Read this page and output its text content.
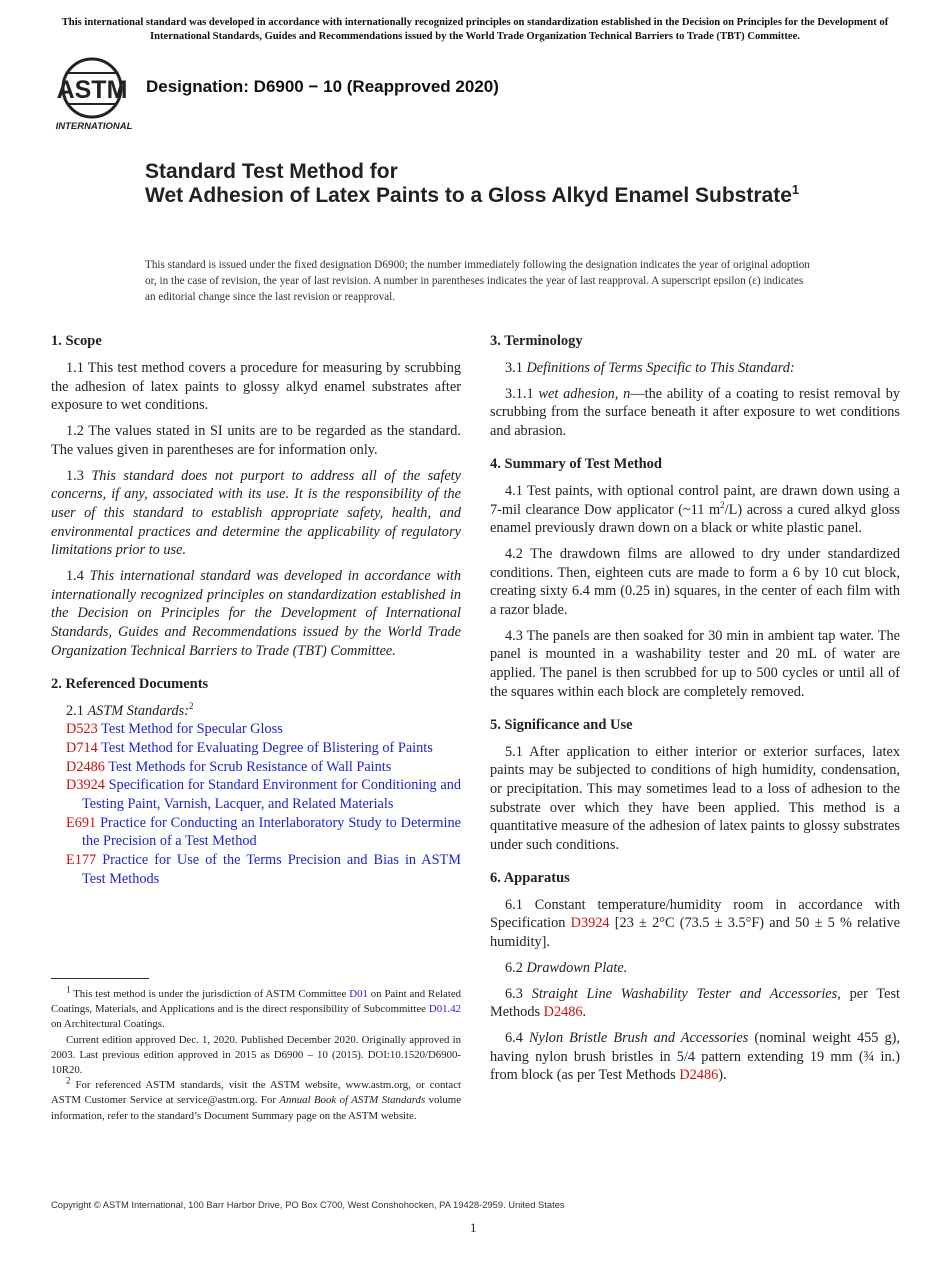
This international standard was developed in accordance with internationally recognized principles on standardization established in the Decision on Principles for the Development of International Standards, Guides and Recommendations issued by the World Trade Organization Technical Barriers to Trade (TBT) Committee.
ASTM
INTERNATIONAL
Designation: D6900 − 10 (Reapproved 2020)
Standard Test Method for
Wet Adhesion of Latex Paints to a Gloss Alkyd Enamel Substrate$^1$
This standard is issued under the fixed designation D6900; the number immediately following the designation indicates the year of original adoption or, in the case of revision, the year of last revision. A number in parentheses indicates the year of last reapproval. A superscript epsilon (ε) indicates an editorial change since the last revision or reapproval.
1. Scope

1.1 This test method covers a procedure for measuring by scrubbing the adhesion of latex paints to glossy alkyd enamel substrates after exposure to wet conditions.

1.2 The values stated in SI units are to be regarded as the standard. The values given in parentheses are for information only.

1.3 This standard does not purport to address all of the safety concerns, if any, associated with its use. It is the responsibility of the user of this standard to establish appropriate safety, health, and environmental practices and determine the applicability of regulatory limitations prior to use.

1.4 This international standard was developed in accordance with internationally recognized principles on standardization established in the Decision on Principles for the Development of International Standards, Guides and Recommendations issued by the World Trade Organization Technical Barriers to Trade (TBT) Committee.

2. Referenced Documents

2.1 ASTM Standards:$^2$

D523 Test Method for Specular Gloss
D714 Test Method for Evaluating Degree of Blistering of Paints
D2486 Test Methods for Scrub Resistance of Wall Paints
D3924 Specification for Standard Environment for Conditioning and Testing Paint, Varnish, Lacquer, and Related Materials
E691 Practice for Conducting an Interlaboratory Study to Determine the Precision of a Test Method
E177 Practice for Use of the Terms Precision and Bias in ASTM Test Methods

$^1$ This test method is under the jurisdiction of ASTM Committee D01 on Paint and Related Coatings, Materials, and Applications and is the direct responsibility of Subcommittee D01.42 on Architectural Coatings.

Current edition approved Dec. 1, 2020. Published December 2020. Originally approved in 2003. Last previous edition approved in 2015 as D6900 – 10 (2015). DOI:10.1520/D6900-10R20.

$^2$ For referenced ASTM standards, visit the ASTM website, www.astm.org, or contact ASTM Customer Service at service@astm.org. For Annual Book of ASTM Standards volume information, refer to the standard’s Document Summary page on the ASTM website.

3. Terminology

3.1 Definitions of Terms Specific to This Standard:

3.1.1 wet adhesion, n—the ability of a coating to resist removal by scrubbing from the surface beneath it after exposure to wet conditions and abrasion.

4. Summary of Test Method

4.1 Test paints, with optional control paint, are drawn down using a 7-mil clearance Dow applicator (~11 $m^2/L$) across a cured alkyd gloss enamel previously drawn down on a black or white plastic panel.

4.2 The drawdown films are allowed to dry under standardized conditions. Then, eighteen cuts are made to form a 6 by 10 cut block, creating sixty 6.4 mm (0.25 in) squares, in the center of each film with a razor blade.

4.3 The panels are then soaked for 30 min in ambient tap water. The panel is mounted in a washability tester and 20 mL of water are applied. The panel is then scrubbed for up to 500 cycles or until all of the squares within each block are completely removed.

5. Significance and Use

5.1 After application to either interior or exterior surfaces, latex paints may be subjected to conditions of high humidity, condensation, or precipitation. This may sometimes lead to a loss of adhesion to the substrate over which they have been applied. This method is a quantitative measure of the adhesion of latex paints to glossy substrates under such conditions.

6. Apparatus

6.1 Constant temperature/humidity room in accordance with Specification D3924 [23 ± 2°C (73.5 ± 3.5°F) and 50 ± 5 % relative humidity].

6.2 Drawdown Plate.

6.3 Straight Line Washability Tester and Accessories, per Test Methods D2486.

6.4 Nylon Bristle Brush and Accessories (nominal weight 455 g), having nylon brush bristles in 5/4 pattern extending 19 mm (¾ in.) from block (as per Test Methods D2486).

Copyright © ASTM International, 100 Barr Harbor Drive, PO Box C700, West Conshohocken, PA 19428-2959. United States
1
